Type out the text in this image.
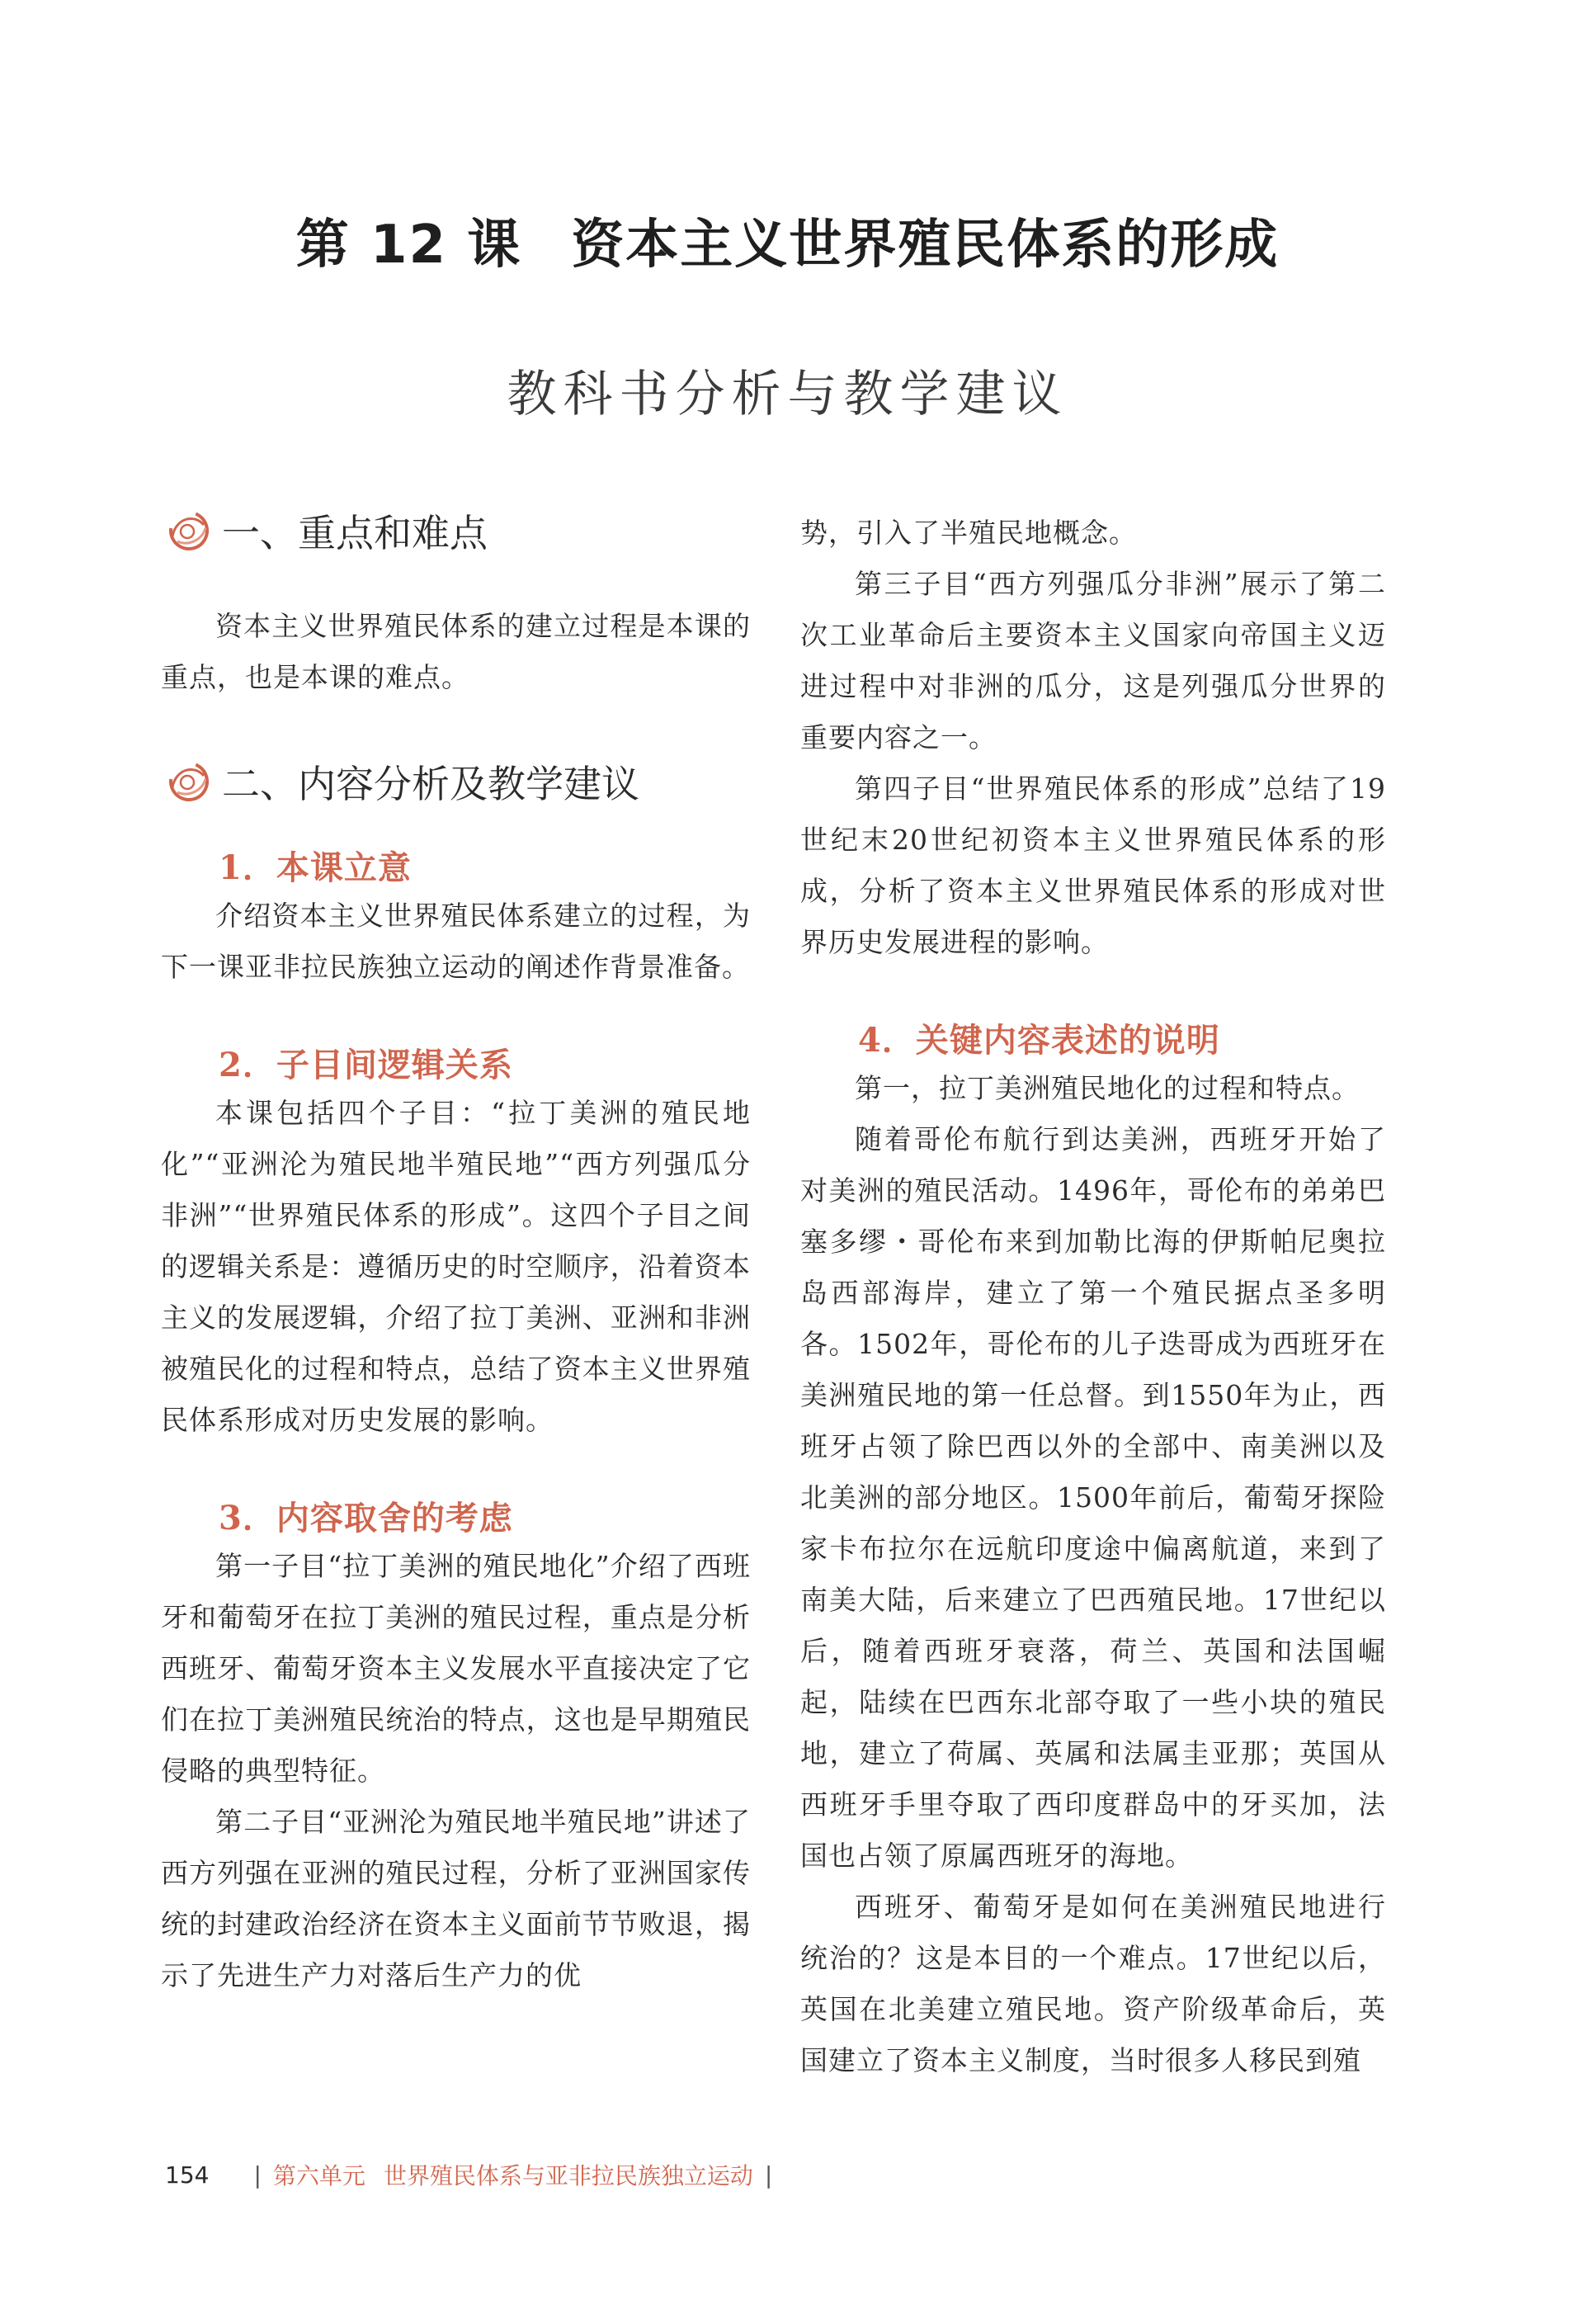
第 12 课 资本主义世界殖民体系的形成
教科书分析与教学建议
一、重点和难点

资本主义世界殖民体系的建立过程是本课的重点，也是本课的难点。

二、内容分析及教学建议
1．本课立意

介绍资本主义世界殖民体系建立的过程，为下一课亚非拉民族独立运动的阐述作背景准备。

2．子目间逻辑关系

本课包括四个子目：“拉丁美洲的殖民地化”“亚洲沦为殖民地半殖民地”“西方列强瓜分非洲”“世界殖民体系的形成”。这四个子目之间的逻辑关系是：遵循历史的时空顺序，沿着资本主义的发展逻辑，介绍了拉丁美洲、亚洲和非洲被殖民化的过程和特点，总结了资本主义世界殖民体系形成对历史发展的影响。

3．内容取舍的考虑

第一子目“拉丁美洲的殖民地化”介绍了西班牙和葡萄牙在拉丁美洲的殖民过程，重点是分析西班牙、葡萄牙资本主义发展水平直接决定了它们在拉丁美洲殖民统治的特点，这也是早期殖民侵略的典型特征。

第二子目“亚洲沦为殖民地半殖民地”讲述了西方列强在亚洲的殖民过程，分析了亚洲国家传统的封建政治经济在资本主义面前节节败退，揭示了先进生产力对落后生产力的优

势，引入了半殖民地概念。

第三子目“西方列强瓜分非洲”展示了第二次工业革命后主要资本主义国家向帝国主义迈进过程中对非洲的瓜分，这是列强瓜分世界的重要内容之一。

第四子目“世界殖民体系的形成”总结了19世纪末20世纪初资本主义世界殖民体系的形成，分析了资本主义世界殖民体系的形成对世界历史发展进程的影响。

4．关键内容表述的说明

第一，拉丁美洲殖民地化的过程和特点。

随着哥伦布航行到达美洲，西班牙开始了对美洲的殖民活动。1496年，哥伦布的弟弟巴塞多缪・哥伦布来到加勒比海的伊斯帕尼奥拉岛西部海岸，建立了第一个殖民据点圣多明各。1502年，哥伦布的儿子迭哥成为西班牙在美洲殖民地的第一任总督。到1550年为止，西班牙占领了除巴西以外的全部中、南美洲以及北美洲的部分地区。1500年前后，葡萄牙探险家卡布拉尔在远航印度途中偏离航道，来到了南美大陆，后来建立了巴西殖民地。17世纪以后，随着西班牙衰落，荷兰、英国和法国崛起，陆续在巴西东北部夺取了一些小块的殖民地，建立了荷属、英属和法属圭亚那；英国从西班牙手里夺取了西印度群岛中的牙买加，法国也占领了原属西班牙的海地。

西班牙、葡萄牙是如何在美洲殖民地进行统治的？这是本目的一个难点。17世纪以后，英国在北美建立殖民地。资产阶级革命后，英国建立了资本主义制度，当时很多人移民到殖

154 | 第六单元 世界殖民体系与亚非拉民族独立运动 |
